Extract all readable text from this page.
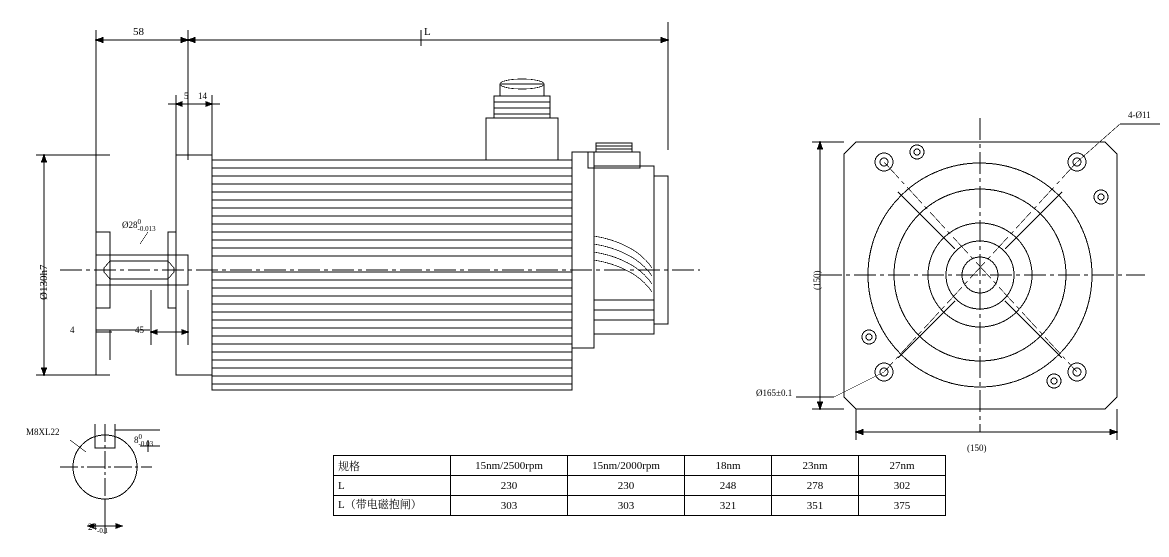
58	L
5 14
Ø28 0
-0.013
Ø130h7
4	45
M8XL22
8 0
-0.03
24
-0.1
4-Ø11
(150)
(150)
Ø165±0.1
规格	15nm/2500rpm	15nm/2000rpm	18nm	23nm	27nm
L	230	230	248	278	302
L（带电磁抱闸）	303	303	321	351	375
